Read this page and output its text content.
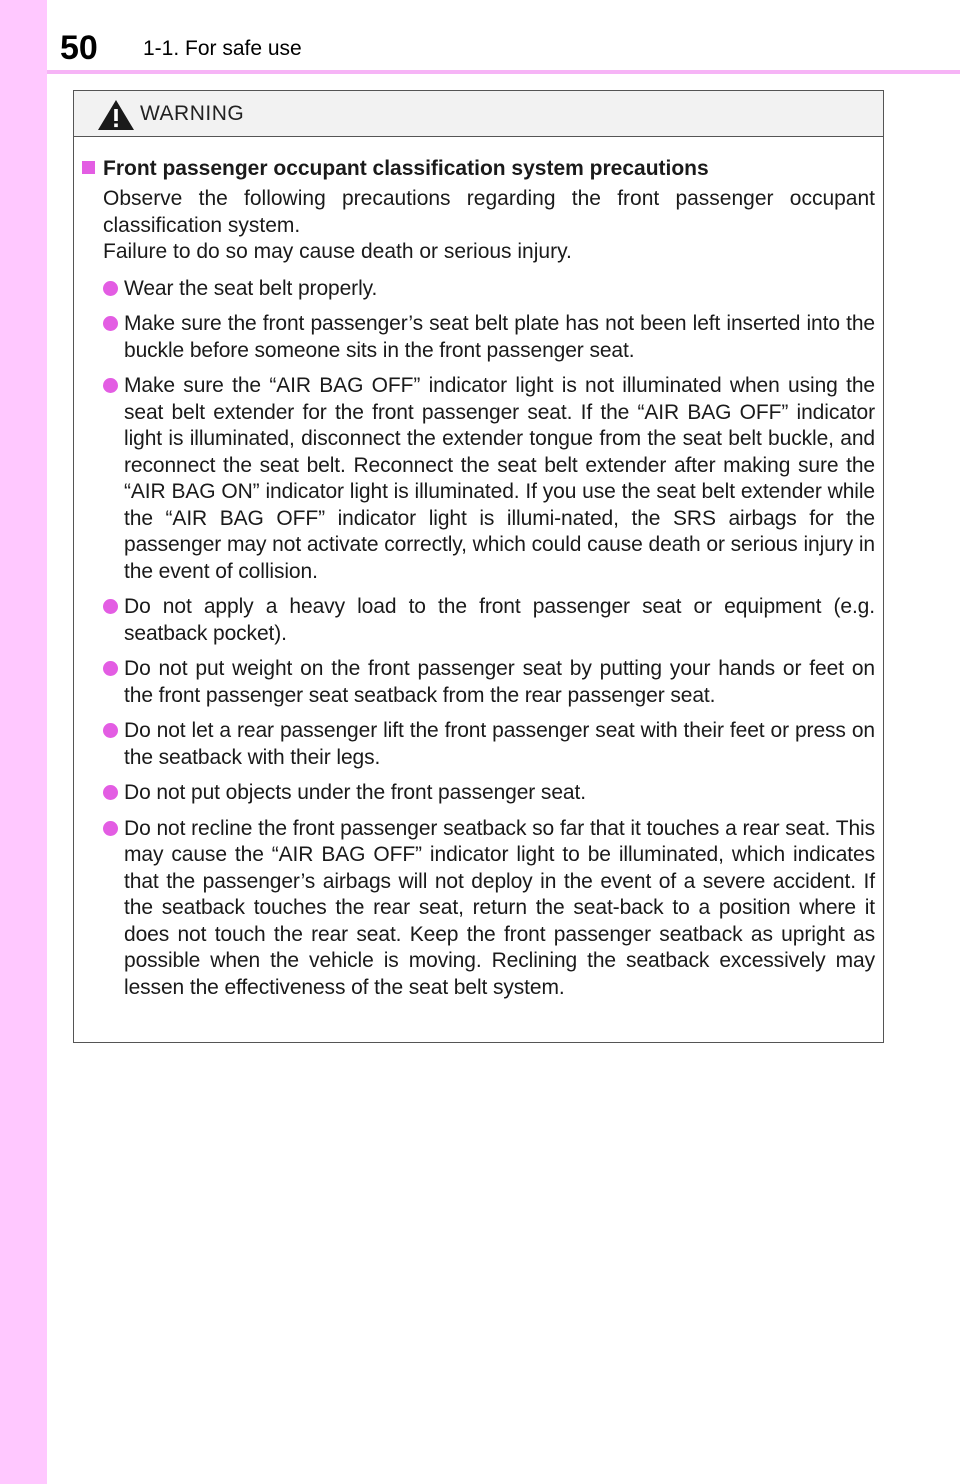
50 1-1. For safe use
WARNING
Front passenger occupant classification system precautions

Observe the following precautions regarding the front passenger occupant classification system.

Failure to do so may cause death or serious injury.

Wear the seat belt properly.
Make sure the front passenger’s seat belt plate has not been left inserted into the buckle before someone sits in the front passenger seat.
Make sure the “AIR BAG OFF” indicator light is not illuminated when using the seat belt extender for the front passenger seat. If the “AIR BAG OFF” indicator light is illuminated, disconnect the extender tongue from the seat belt buckle, and reconnect the seat belt. Reconnect the seat belt extender after making sure the “AIR BAG ON” indicator light is illuminated. If you use the seat belt extender while the “AIR BAG OFF” indicator light is illumi-nated, the SRS airbags for the passenger may not activate correctly, which could cause death or serious injury in the event of collision.
Do not apply a heavy load to the front passenger seat or equipment (e.g. seatback pocket).
Do not put weight on the front passenger seat by putting your hands or feet on the front passenger seat seatback from the rear passenger seat.
Do not let a rear passenger lift the front passenger seat with their feet or press on the seatback with their legs.
Do not put objects under the front passenger seat.
Do not recline the front passenger seatback so far that it touches a rear seat. This may cause the “AIR BAG OFF” indicator light to be illuminated, which indicates that the passenger’s airbags will not deploy in the event of a severe accident. If the seatback touches the rear seat, return the seat-back to a position where it does not touch the rear seat. Keep the front passenger seatback as upright as possible when the vehicle is moving. Reclining the seatback excessively may lessen the effectiveness of the seat belt system.
